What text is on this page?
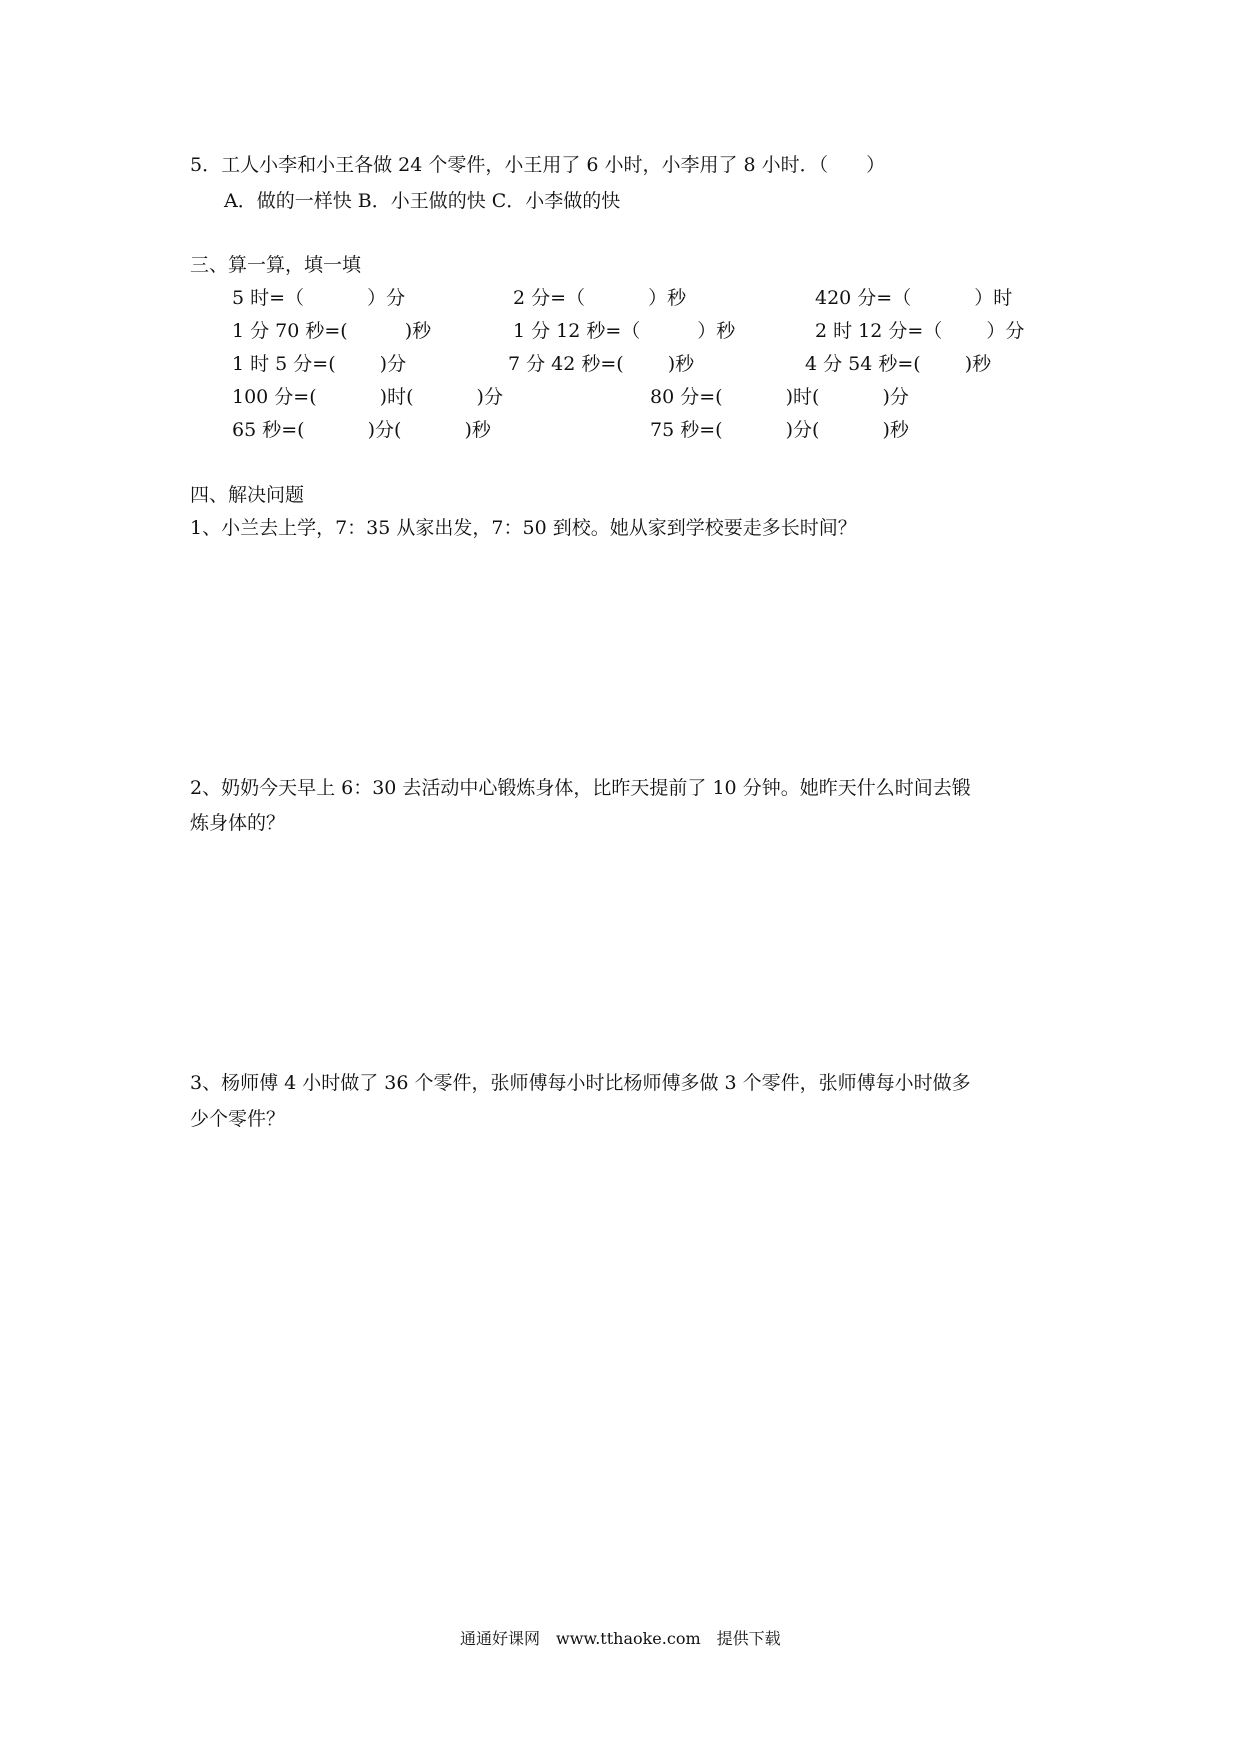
5．工人小李和小王各做 24 个零件，小王用了 6 小时，小李用了 8 小时．（　　）
A．做的一样快 B．小王做的快 C．小李做的快
三、算一算，填一填
5 时=（　　　 ）分	2 分=（　　　 ）秒	420 分=（　　　 ）时
1 分 70 秒=(　　　)秒	1 分 12 秒=（　　　）秒	2 时 12 分=（　　 ）分
1 时 5 分=(　　 )分	7 分 42 秒=(　　 )秒	4 分 54 秒=(　　 )秒
100 分=(　　　 )时(　　　 )分	80 分=(　　　 )时(　　　 )分
65 秒=(　　　 )分(　　　 )秒	75 秒=(　　　 )分(　　　 )秒
四、解决问题
1、小兰去上学，7：35 从家出发，7：50 到校。她从家到学校要走多长时间？
2、奶奶今天早上 6：30 去活动中心锻炼身体，比昨天提前了 10 分钟。她昨天什么时间去锻
炼身体的？
3、杨师傅 4 小时做了 36 个零件，张师傅每小时比杨师傅多做 3 个零件，张师傅每小时做多
少个零件？
通通好课网　www.tthaoke.com　提供下载
